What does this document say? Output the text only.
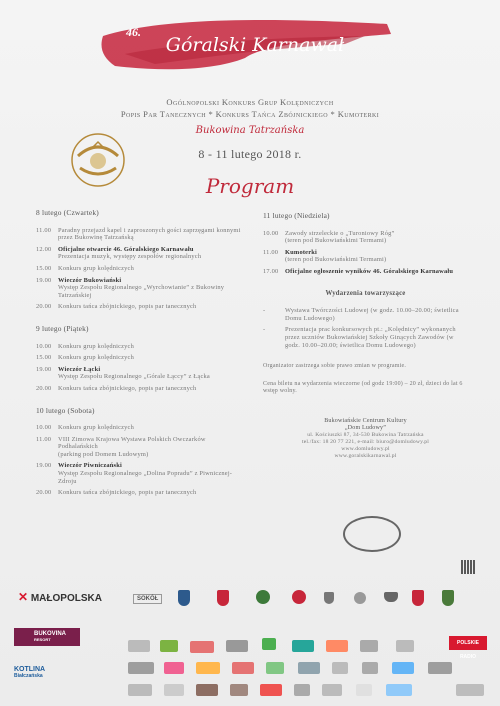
46.
Góralski Karnawał
Ogólnopolski Konkurs Grup Kolędniczych
Popis Par Tanecznych * Konkurs Tańca Zbójnickiego * Kumoterki
Bukowina Tatrzańska
8 - 11 lutego 2018 r.
Program
8 lutego (Czwartek)
11.00	Paradny przejazd kapel i zaproszonych gości zaprzęgami konnymi przez Bukowinę Tatrzańską
12.00	Oficjalne otwarcie 46. Góralskiego Karnawału
Prezentacja muzyk, występy zespołów regionalnych
15.00	Konkurs grup kolędniczych
19.00	Wieczór Bukowiański
Występ Zespołu Regionalnego „Wyrchowianie” z Bukowiny Tatrzańskiej
20.00	Konkurs tańca zbójnickiego, popis par tanecznych
9 lutego (Piątek)
10.00	Konkurs grup kolędniczych
15.00	Konkurs grup kolędniczych
19.00	Wieczór Łącki
Występ Zespołu Regionalnego „Górale Łąccy” z Łącka
20.00	Konkurs tańca zbójnickiego, popis par tanecznych
10 lutego (Sobota)
10.00	Konkurs grup kolędniczych
11.00	VIII Zimowa Krajowa Wystawa Polskich Owczarków Podhalańskich
(parking pod Domem Ludowym)
19.00	Wieczór Piwniczański
Występ Zespołu Regionalnego „Dolina Popradu” z Piwnicznej-Zdroju
20.00	Konkurs tańca zbójnickiego, popis par tanecznych
11 lutego (Niedziela)
10.00	Zawody strzeleckie o „Turoniowy Róg”
(teren pod Bukowiańskimi Termami)
11.00	Kumoterki
(teren pod Bukowiańskimi Termami)
17.00	Oficjalne ogłoszenie wyników 46. Góralskiego Karnawału
Wydarzenia towarzyszące
-	Wystawa Twórczości Ludowej (w godz. 10.00–20.00; świetlica Domu Ludowego)
-	Prezentacja prac konkursowych pt.: „Kolędnicy” wykonanych przez uczniów Bukowiańskiej Szkoły Ginących Zawodów (w godz. 10.00–20.00; świetlica Domu Ludowego)
Organizator zastrzega sobie prawo zmian w programie.
Cena biletu na wydarzenia wieczorne (od godz 19:00) – 20 zł, dzieci do lat 6 wstęp wolny.
Bukowiańskie Centrum Kultury
„Dom Ludowy”
ul. Kościuszki 87, 34-530 Bukowina Tatrzańska
tel./fax: 18 20 77 221, e-mail: biuro@domludowy.pl
www.domludowy.pl
www.goralskikarnawal.pl
✕ MAŁOPOLSKA	SOKÓŁ
BUKOVINA
RESORT
KOTLINA
Białczańska
POLSKIE RADIO
